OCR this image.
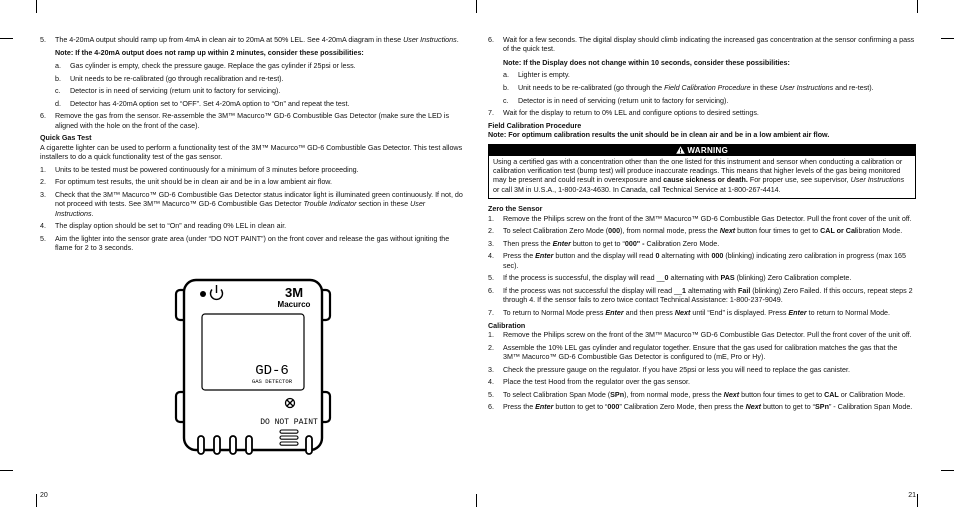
5. The 4-20mA output should ramp up from 4mA in clean air to 20mA at 50% LEL. See 4-20mA diagram in these User Instructions.
Note: If the 4-20mA output does not ramp up within 2 minutes, consider these possibilities:
a. Gas cylinder is empty, check the pressure gauge. Replace the gas cylinder if 25psi or less.
b. Unit needs to be re-calibrated (go through recalibration and re-test).
c. Detector is in need of servicing (return unit to factory for servicing).
d. Detector has 4-20mA option set to “OFF”. Set 4-20mA option to “On” and repeat the test.
6. Remove the gas from the sensor. Re-assemble the 3M™ Macurco™ GD-6 Combustible Gas Detector (make sure the LED is aligned with the hole on the front of the case).
Quick Gas Test
A cigarette lighter can be used to perform a functionality test of the 3M™ Macurco™ GD-6 Combustible Gas Detector. This test allows installers to do a quick functionality test of the gas sensor.
1. Units to be tested must be powered continuously for a minimum of 3 minutes before proceeding.
2. For optimum test results, the unit should be in clean air and be in a low ambient air flow.
3. Check that the 3M™ Macurco™ GD-6 Combustible Gas Detector status indicator light is illuminated green continuously. If not, do not proceed with tests. See 3M™ Macurco™ GD-6 Combustible Gas Detector Trouble Indicator section in these User Instructions.
4. The display option should be set to “On” and reading 0% LEL in clean air.
5. Aim the lighter into the sensor grate area (under “DO NOT PAINT”) on the front cover and release the gas without igniting the flame for 2 to 3 seconds.
3M
Macurco
GD-6
GAS DETECTOR
DO NOT PAINT
20
6. Wait for a few seconds. The digital display should climb indicating the increased gas concentration at the sensor confirming a pass of the quick test.
Note: If the Display does not change within 10 seconds, consider these possibilities:
a. Lighter is empty.
b. Unit needs to be re-calibrated (go through the Field Calibration Procedure in these User Instructions and re-test).
c. Detector is in need of servicing (return unit to factory for servicing).
7. Wait for the display to return to 0% LEL and configure options to desired settings.
Field Calibration Procedure
Note: For optimum calibration results the unit should be in clean air and be in a low ambient air flow.
WARNING
Using a certified gas with a concentration other than the one listed for this instrument and sensor when conducting a calibration or calibration verification test (bump test) will produce inaccurate readings. This means that higher levels of the gas being monitored may be present and could result in overexposure and cause sickness or death. For proper use, see supervisor, User Instructions or call 3M in U.S.A., 1-800-243-4630. In Canada, call Technical Service at 1-800-267-4414.
Zero the Sensor
1. Remove the Philips screw on the front of the 3M™ Macurco™ GD-6 Combustible Gas Detector. Pull the front cover of the unit off.
2. To select Calibration Zero Mode (000), from normal mode, press the Next button four times to get to CAL or Calibration Mode.
3. Then press the Enter button to get to “000" - Calibration Zero Mode.
4. Press the Enter button and the display will read 0 alternating with 000 (blinking) indicating zero calibration in progress (max 165 sec).
5. If the process is successful, the display will read __0 alternating with PAS (blinking) Zero Calibration complete.
6. If the process was not successful the display will read __1 alternating with Fail (blinking) Zero Failed. If this occurs, repeat steps 2 through 4. If the sensor fails to zero twice contact Technical Assistance: 1-800-237-9049.
7. To return to Normal Mode press Enter and then press Next until “End” is displayed. Press Enter to return to Normal Mode.
Calibration
1. Remove the Philips screw on the front of the 3M™ Macurco™ GD-6 Combustible Gas Detector. Pull the front cover of the unit off.
2. Assemble the 10% LEL gas cylinder and regulator together. Ensure that the gas used for calibration matches the gas that the 3M™ Macurco™ GD-6 Combustible Gas Detector is configured to (mE, Pro or Hy).
3. Check the pressure gauge on the regulator. If you have 25psi or less you will need to replace the gas canister.
4. Place the test Hood from the regulator over the gas sensor.
5. To select Calibration Span Mode (SPn), from normal mode, press the Next button four times to get to CAL or Calibration Mode.
6. Press the Enter button to get to “000” Calibration Zero Mode, then press the Next button to get to “SPn” - Calibration Span Mode.
21
